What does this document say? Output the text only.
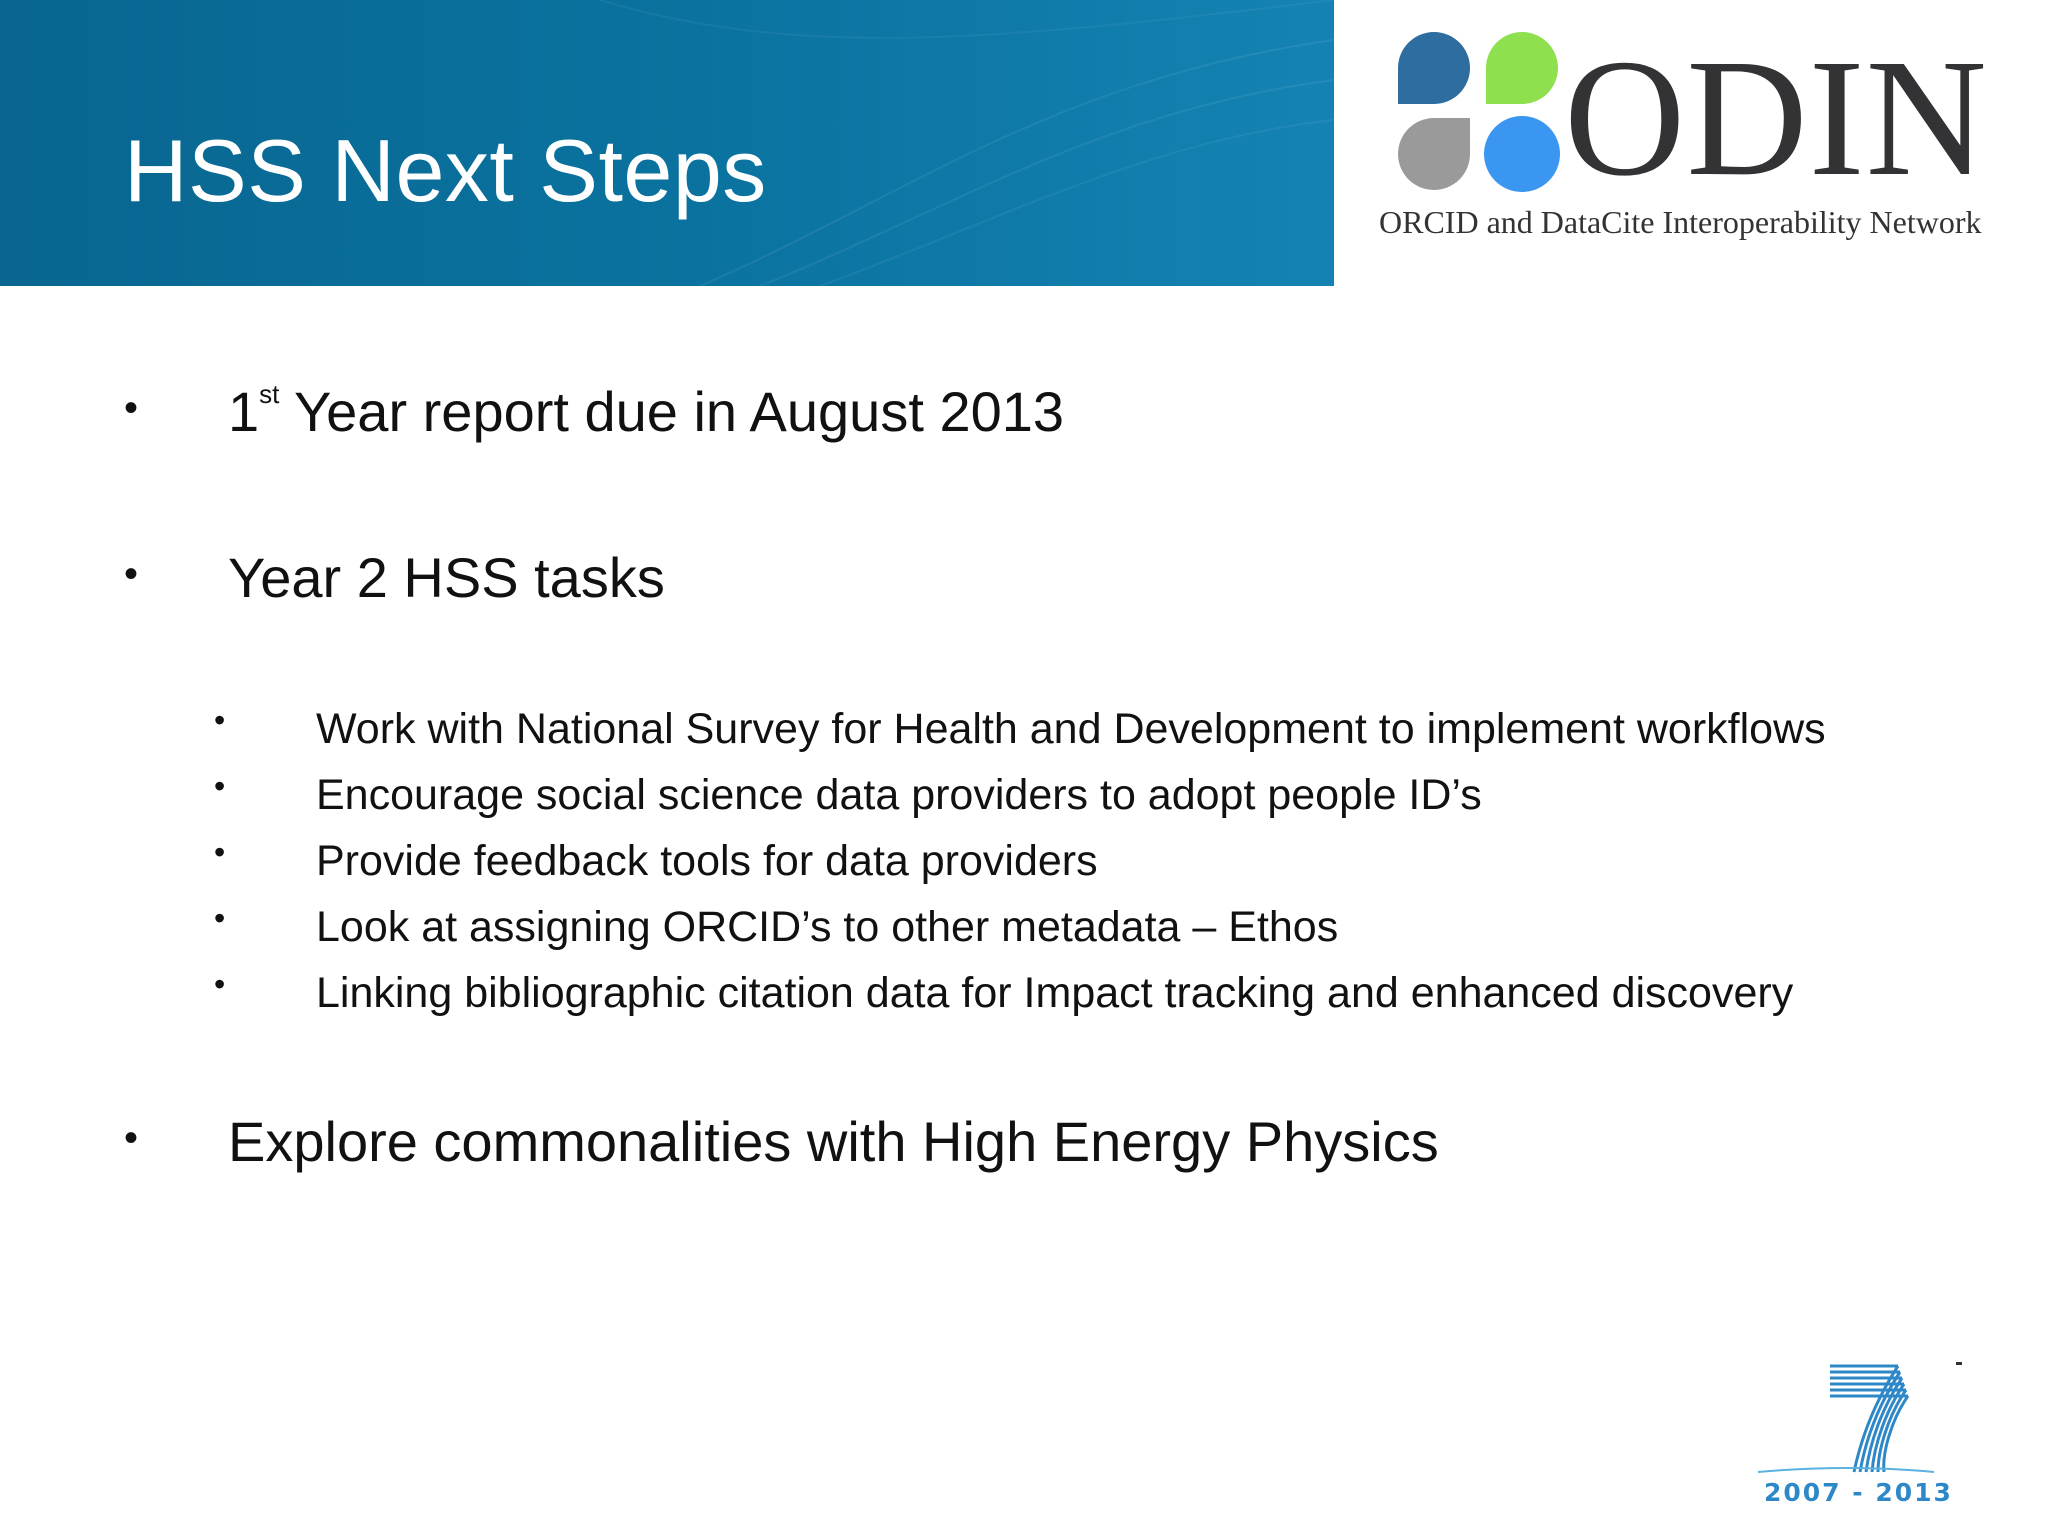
HSS Next Steps	ODIN
ORCID and DataCite Interoperability Network
• 1st Year report due in August 2013
• Year 2 HSS tasks
• Work with National Survey for Health and Development to implement workflows
• Encourage social science data providers to adopt people ID’s
• Provide feedback tools for data providers
• Look at assigning ORCID’s to other metadata – Ethos
• Linking bibliographic citation data for Impact tracking and enhanced discovery
• Explore commonalities with High Energy Physics
2007 - 2013
